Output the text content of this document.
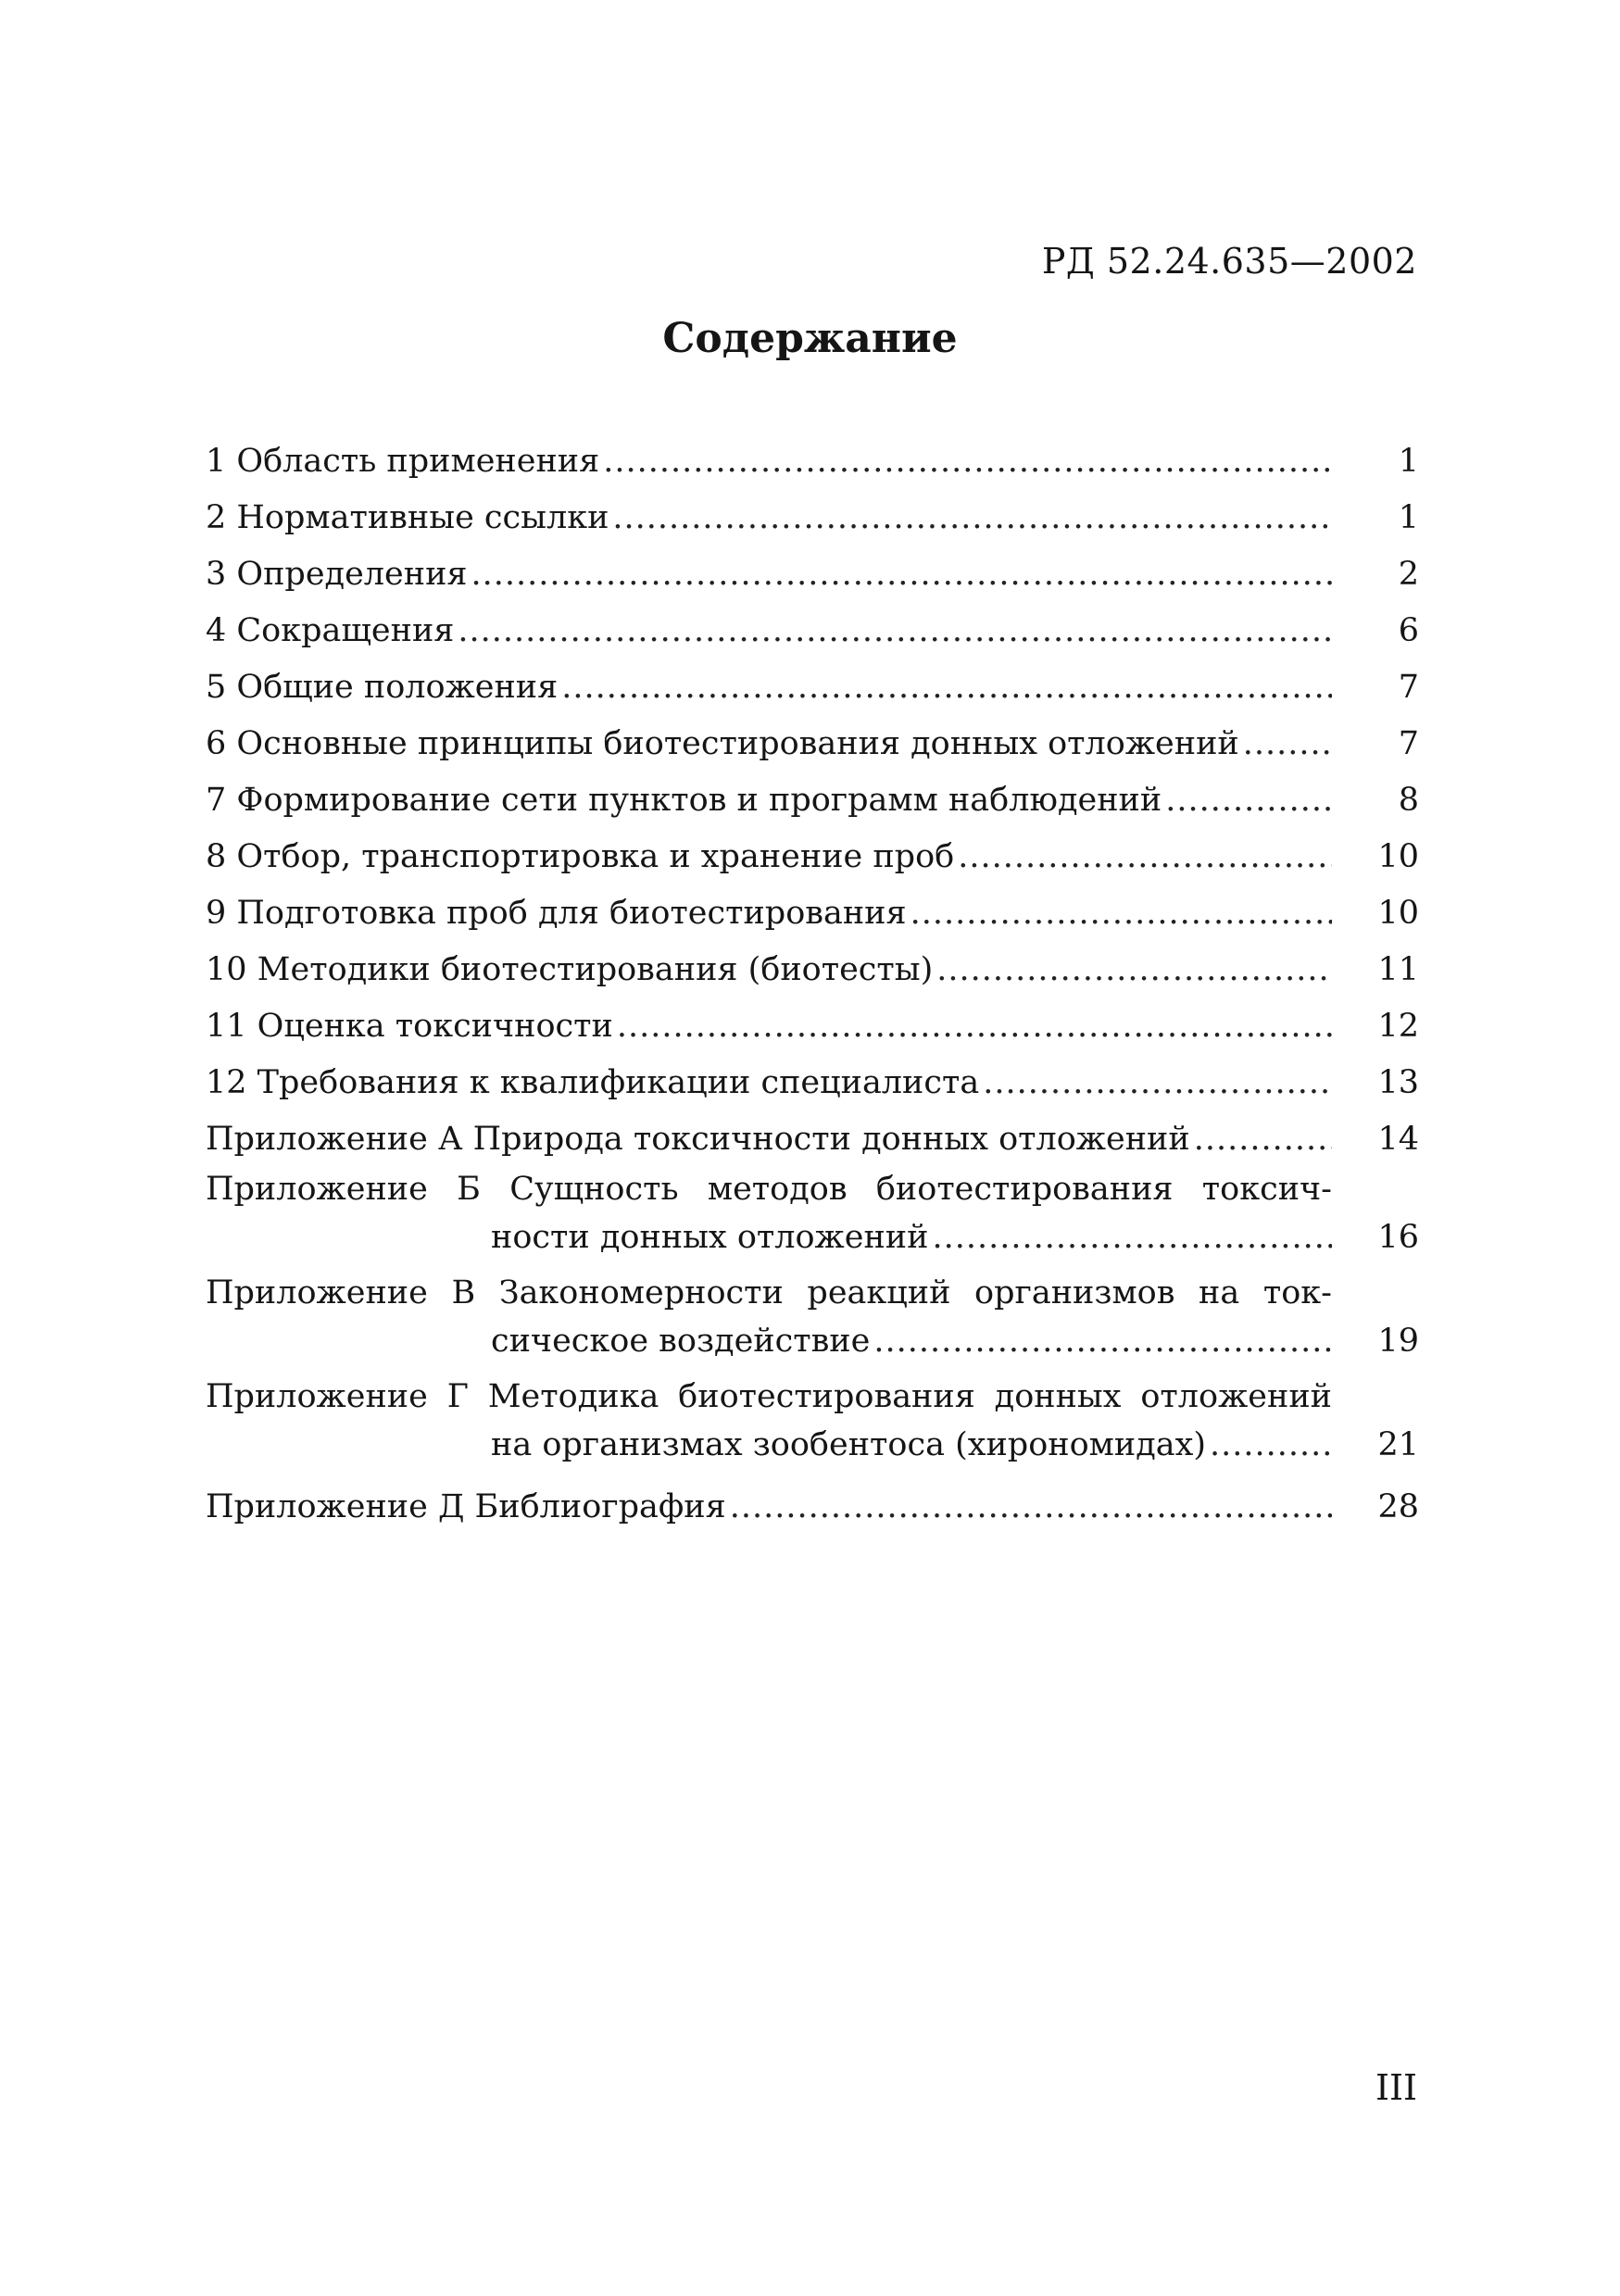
РД 52.24.635—2002
Содержание
1 Область применения .....	1
2 Нормативные ссылки .....	1
3 Определения .....	2
4 Сокращения .....	6
5 Общие положения .....	7
6 Основные принципы биотестирования донных отложений .....	7
7 Формирование сети пунктов и программ наблюдений .....	8
8 Отбор, транспортировка и хранение проб .....	10
9 Подготовка проб для биотестирования .....	10
10 Методики биотестирования (биотесты) .....	11
11 Оценка токсичности .....	12
12 Требования к квалификации специалиста .....	13
Приложение А Природа токсичности донных отложений .....	14
Приложение Б Сущность методов биотестирования токсич-
ности донных отложений .....	16
Приложение В Закономерности реакций организмов на ток-
сическое воздействие .....	19
Приложение Г Методика биотестирования донных отложений
на организмах зообентоса (хирономидах) .....	21
Приложение Д Библиография .....	28
III
